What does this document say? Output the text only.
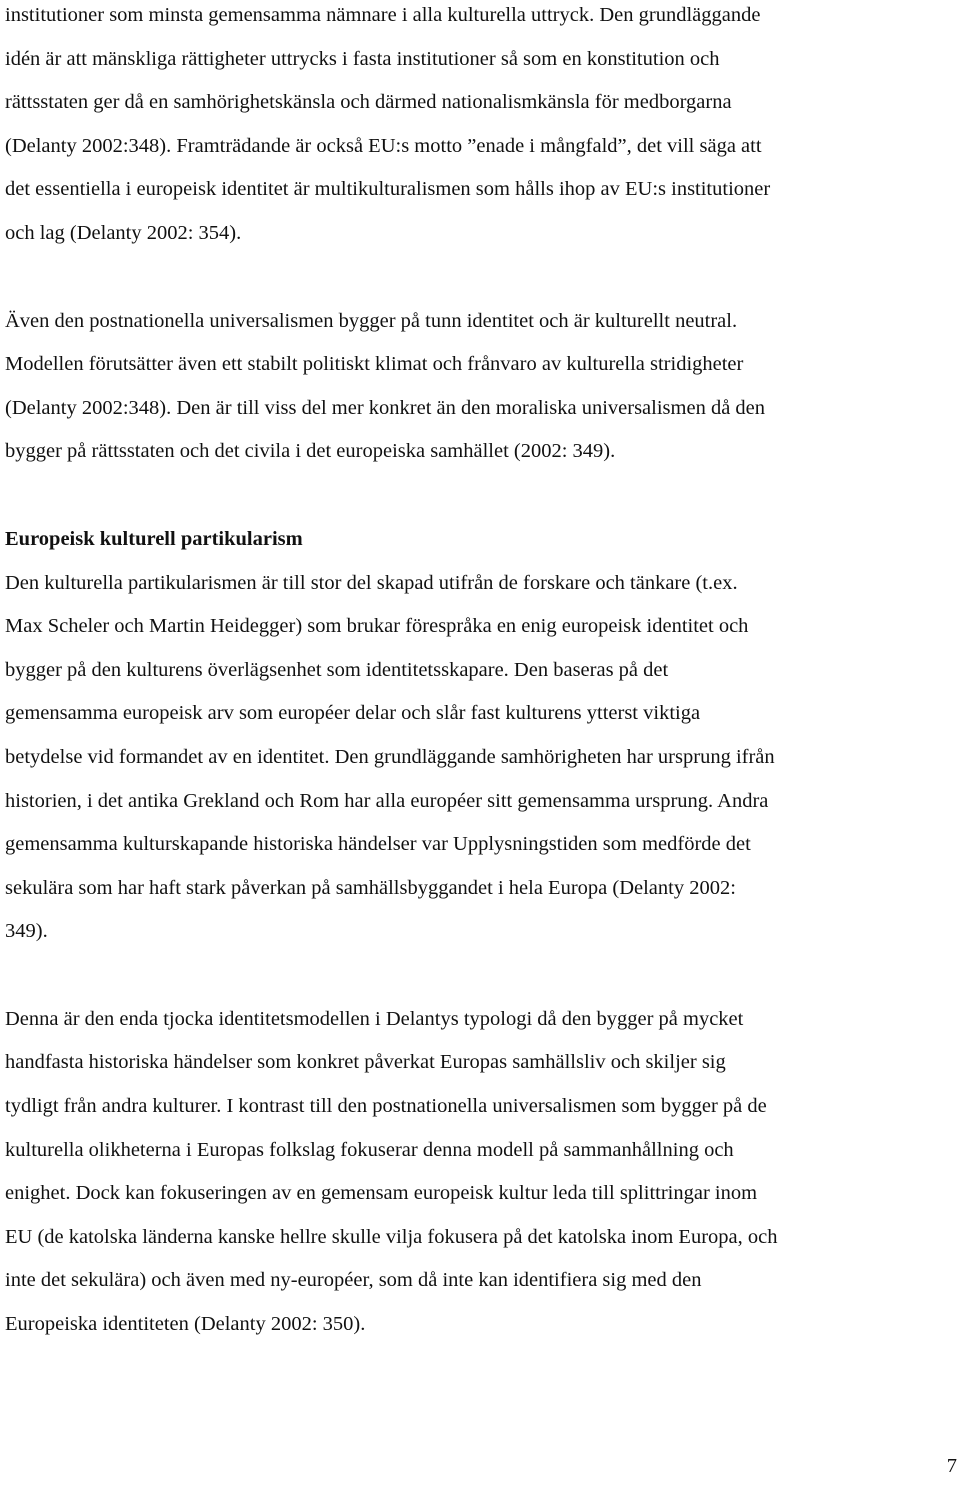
institutioner som minsta gemensamma nämnare i alla kulturella uttryck. Den grundläggande
idén är att mänskliga rättigheter uttrycks i fasta institutioner så som en konstitution och
rättsstaten ger då en samhörighetskänsla och därmed nationalismkänsla för medborgarna
(Delanty 2002:348). Framträdande är också EU:s motto ”enade i mångfald”, det vill säga att
det essentiella i europeisk identitet är multikulturalismen som hålls ihop av EU:s institutioner
och lag (Delanty 2002: 354).

Även den postnationella universalismen bygger på tunn identitet och är kulturellt neutral.
Modellen förutsätter även ett stabilt politiskt klimat och frånvaro av kulturella stridigheter
(Delanty 2002:348). Den är till viss del mer konkret än den moraliska universalismen då den
bygger på rättsstaten och det civila i det europeiska samhället (2002: 349).

Europeisk kulturell partikularism

Den kulturella partikularismen är till stor del skapad utifrån de forskare och tänkare (t.ex.
Max Scheler och Martin Heidegger) som brukar förespråka en enig europeisk identitet och
bygger på den kulturens överlägsenhet som identitetsskapare. Den baseras på det
gemensamma europeisk arv som européer delar och slår fast kulturens ytterst viktiga
betydelse vid formandet av en identitet. Den grundläggande samhörigheten har ursprung ifrån
historien, i det antika Grekland och Rom har alla européer sitt gemensamma ursprung. Andra
gemensamma kulturskapande historiska händelser var Upplysningstiden som medförde det
sekulära som har haft stark påverkan på samhällsbyggandet i hela Europa (Delanty 2002:
349).

Denna är den enda tjocka identitetsmodellen i Delantys typologi då den bygger på mycket
handfasta historiska händelser som konkret påverkat Europas samhällsliv och skiljer sig
tydligt från andra kulturer. I kontrast till den postnationella universalismen som bygger på de
kulturella olikheterna i Europas folkslag fokuserar denna modell på sammanhållning och
enighet. Dock kan fokuseringen av en gemensam europeisk kultur leda till splittringar inom
EU (de katolska länderna kanske hellre skulle vilja fokusera på det katolska inom Europa, och
inte det sekulära) och även med ny-européer, som då inte kan identifiera sig med den
Europeiska identiteten (Delanty 2002: 350).

7
